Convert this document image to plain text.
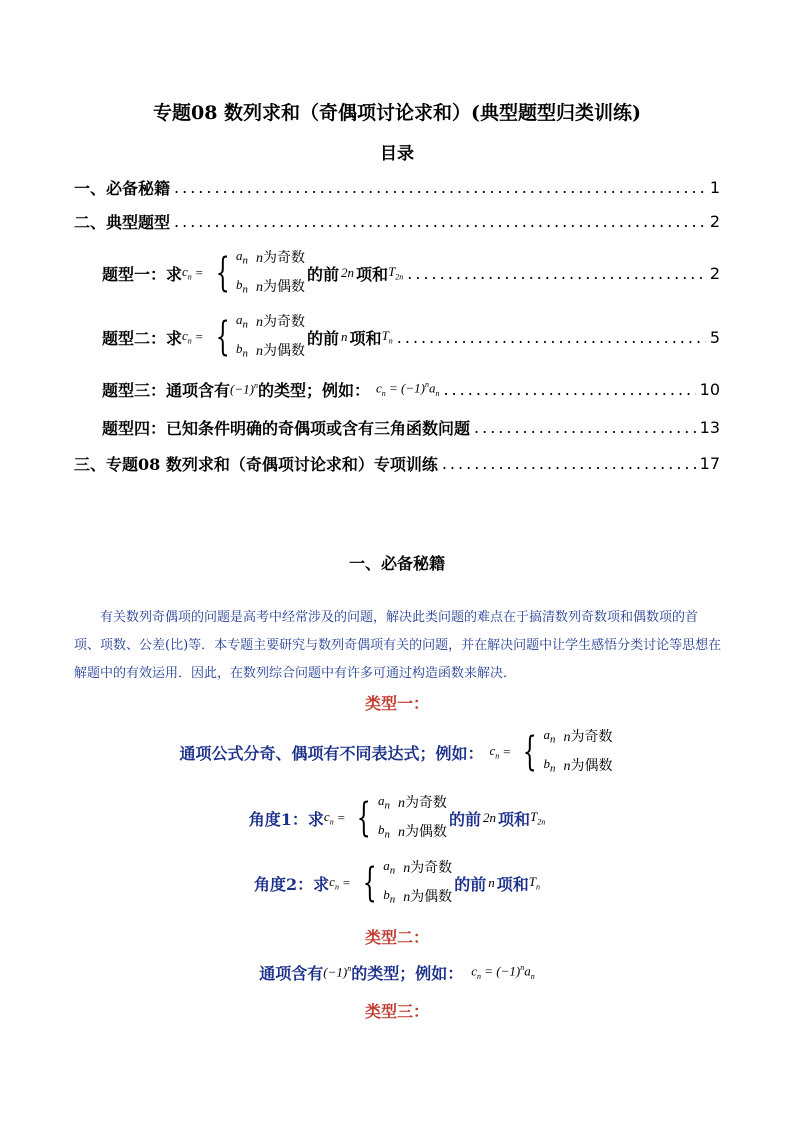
专题08 数列求和（奇偶项讨论求和）(典型题型归类训练)
目录
一、必备秘籍 .....	1
二、典型题型 .....	2
题型一：求 $c_n$ = { $a_n$ n为奇数
$b_n$ n为偶数
的前 2n 项和 $T_{2n}$ .....	2
题型二：求 $c_n$ = { $a_n$ n为奇数
$b_n$ n为偶数
的前 n 项和 $T_n$ .....	5
题型三：通项含有 $(-1)^n$ 的类型；例如： $c_n = (-1)^na_n$ .....	10
题型四：已知条件明确的奇偶项或含有三角函数问题 .....	13
三、专题08 数列求和（奇偶项讨论求和）专项训练 .....	17
一、必备秘籍
有关数列奇偶项的问题是高考中经常涉及的问题，解决此类问题的难点在于搞清数列奇数项和偶数项的首项、项数、公差(比)等．本专题主要研究与数列奇偶项有关的问题，并在解决问题中让学生感悟分类讨论等思想在解题中的有效运用．因此，在数列综合问题中有许多可通过构造函数来解决．
类型一：
通项公式分奇、偶项有不同表达式；例如： $c_n$ = { $a_n$ n为奇数
$b_n$ n为偶数
角度1：求 $c_n$ = { $a_n$ n为奇数
$b_n$ n为偶数
的前 2n 项和 $T_{2n}$
角度2：求 $c_n$ = { $a_n$ n为奇数
$b_n$ n为偶数
的前 n 项和 $T_n$
类型二：
通项含有 $(-1)^n$ 的类型；例如： $c_n = (-1)^na_n$
类型三：
